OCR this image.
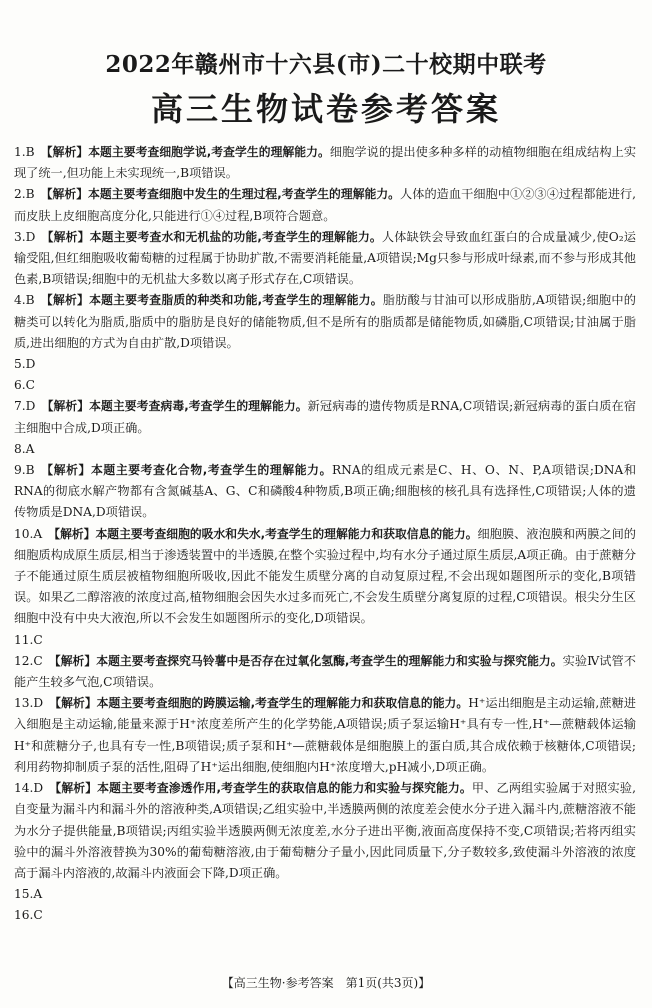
2022年赣州市十六县(市)二十校期中联考
高三生物试卷参考答案

1.B  【解析】本题主要考查细胞学说,考查学生的理解能力。细胞学说的提出使多种多样的动植物细胞在组成结构上实现了统一,但功能上未实现统一,B项错误。

2.B  【解析】本题主要考查细胞中发生的生理过程,考查学生的理解能力。人体的造血干细胞中①②③④过程都能进行,而皮肤上皮细胞高度分化,只能进行①④过程,B项符合题意。

3.D  【解析】本题主要考查水和无机盐的功能,考查学生的理解能力。人体缺铁会导致血红蛋白的合成量减少,使O₂运输受阻,但红细胞吸收葡萄糖的过程属于协助扩散,不需要消耗能量,A项错误;Mg只参与形成叶绿素,而不参与形成其他色素,B项错误;细胞中的无机盐大多数以离子形式存在,C项错误。

4.B  【解析】本题主要考查脂质的种类和功能,考查学生的理解能力。脂肪酸与甘油可以形成脂肪,A项错误;细胞中的糖类可以转化为脂质,脂质中的脂肪是良好的储能物质,但不是所有的脂质都是储能物质,如磷脂,C项错误;甘油属于脂质,进出细胞的方式为自由扩散,D项错误。

5.D

6.C

7.D  【解析】本题主要考查病毒,考查学生的理解能力。新冠病毒的遗传物质是RNA,C项错误;新冠病毒的蛋白质在宿主细胞中合成,D项正确。

8.A

9.B  【解析】本题主要考查化合物,考查学生的理解能力。RNA的组成元素是C、H、O、N、P,A项错误;DNA和RNA的彻底水解产物都有含氮碱基A、G、C和磷酸4种物质,B项正确;细胞核的核孔具有选择性,C项错误;人体的遗传物质是DNA,D项错误。

10.A  【解析】本题主要考查细胞的吸水和失水,考查学生的理解能力和获取信息的能力。细胞膜、液泡膜和两膜之间的细胞质构成原生质层,相当于渗透装置中的半透膜,在整个实验过程中,均有水分子通过原生质层,A项正确。由于蔗糖分子不能通过原生质层被植物细胞所吸收,因此不能发生质壁分离的自动复原过程,不会出现如题图所示的变化,B项错误。如果乙二醇溶液的浓度过高,植物细胞会因失水过多而死亡,不会发生质壁分离复原的过程,C项错误。根尖分生区细胞中没有中央大液泡,所以不会发生如题图所示的变化,D项错误。

11.C

12.C  【解析】本题主要考查探究马铃薯中是否存在过氧化氢酶,考查学生的理解能力和实验与探究能力。实验Ⅳ试管不能产生较多气泡,C项错误。

13.D  【解析】本题主要考查细胞的跨膜运输,考查学生的理解能力和获取信息的能力。H⁺运出细胞是主动运输,蔗糖进入细胞是主动运输,能量来源于H⁺浓度差所产生的化学势能,A项错误;质子泵运输H⁺具有专一性,H⁺—蔗糖载体运输H⁺和蔗糖分子,也具有专一性,B项错误;质子泵和H⁺—蔗糖载体是细胞膜上的蛋白质,其合成依赖于核糖体,C项错误;利用药物抑制质子泵的活性,阻碍了H⁺运出细胞,使细胞内H⁺浓度增大,pH减小,D项正确。

14.D  【解析】本题主要考查渗透作用,考查学生的获取信息的能力和实验与探究能力。甲、乙两组实验属于对照实验,自变量为漏斗内和漏斗外的溶液种类,A项错误;乙组实验中,半透膜两侧的浓度差会使水分子进入漏斗内,蔗糖溶液不能为水分子提供能量,B项错误;丙组实验半透膜两侧无浓度差,水分子进出平衡,液面高度保持不变,C项错误;若将丙组实验中的漏斗外溶液替换为30%的葡萄糖溶液,由于葡萄糖分子量小,因此同质量下,分子数较多,致使漏斗外溶液的浓度高于漏斗内溶液的,故漏斗内液面会下降,D项正确。

15.A

16.C

【高三生物·参考答案　第1页(共3页)】
